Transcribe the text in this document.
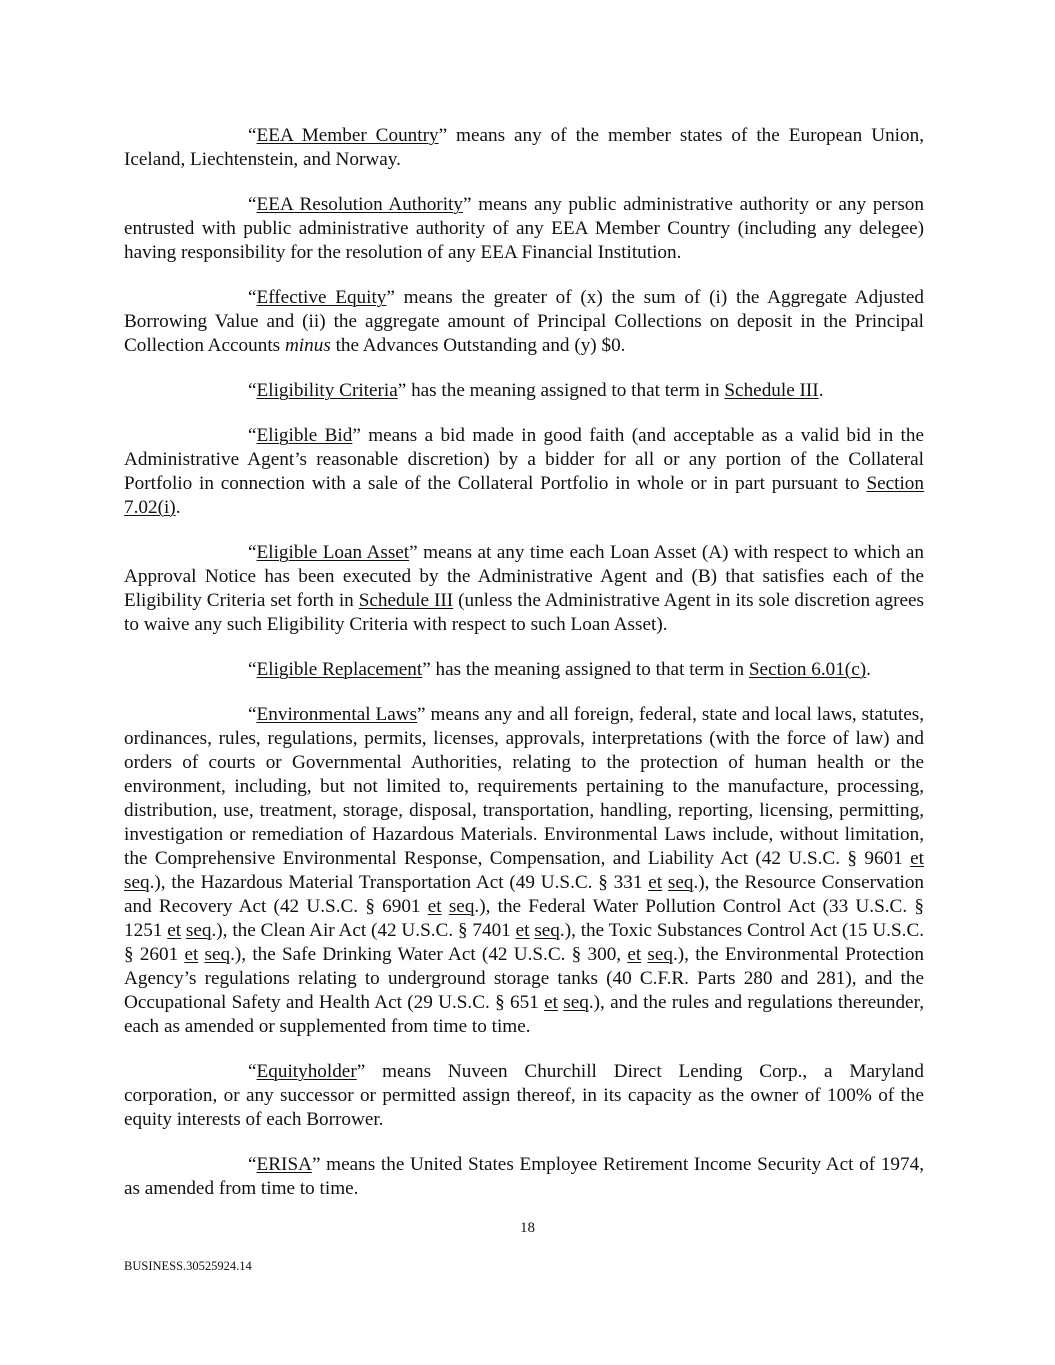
“EEA Member Country” means any of the member states of the European Union, Iceland, Liechtenstein, and Norway.

“EEA Resolution Authority” means any public administrative authority or any person entrusted with public administrative authority of any EEA Member Country (including any delegee) having responsibility for the resolution of any EEA Financial Institution.

“Effective Equity” means the greater of (x) the sum of (i) the Aggregate Adjusted Borrowing Value and (ii) the aggregate amount of Principal Collections on deposit in the Principal Collection Accounts minus the Advances Outstanding and (y) $0.

“Eligibility Criteria” has the meaning assigned to that term in Schedule III.

“Eligible Bid” means a bid made in good faith (and acceptable as a valid bid in the Administrative Agent’s reasonable discretion) by a bidder for all or any portion of the Collateral Portfolio in connection with a sale of the Collateral Portfolio in whole or in part pursuant to Section 7.02(i).

“Eligible Loan Asset” means at any time each Loan Asset (A) with respect to which an Approval Notice has been executed by the Administrative Agent and (B) that satisfies each of the Eligibility Criteria set forth in Schedule III (unless the Administrative Agent in its sole discretion agrees to waive any such Eligibility Criteria with respect to such Loan Asset).

“Eligible Replacement” has the meaning assigned to that term in Section 6.01(c).

“Environmental Laws” means any and all foreign, federal, state and local laws, statutes, ordinances, rules, regulations, permits, licenses, approvals, interpretations (with the force of law) and orders of courts or Governmental Authorities, relating to the protection of human health or the environment, including, but not limited to, requirements pertaining to the manufacture, processing, distribution, use, treatment, storage, disposal, transportation, handling, reporting, licensing, permitting, investigation or remediation of Hazardous Materials. Environmental Laws include, without limitation, the Comprehensive Environmental Response, Compensation, and Liability Act (42 U.S.C. § 9601 et seq.), the Hazardous Material Transportation Act (49 U.S.C. § 331 et seq.), the Resource Conservation and Recovery Act (42 U.S.C. § 6901 et seq.), the Federal Water Pollution Control Act (33 U.S.C. § 1251 et seq.), the Clean Air Act (42 U.S.C. § 7401 et seq.), the Toxic Substances Control Act (15 U.S.C. § 2601 et seq.), the Safe Drinking Water Act (42 U.S.C. § 300, et seq.), the Environmental Protection Agency’s regulations relating to underground storage tanks (40 C.F.R. Parts 280 and 281), and the Occupational Safety and Health Act (29 U.S.C. § 651 et seq.), and the rules and regulations thereunder, each as amended or supplemented from time to time.

“Equityholder” means Nuveen Churchill Direct Lending Corp., a Maryland corporation, or any successor or permitted assign thereof, in its capacity as the owner of 100% of the equity interests of each Borrower.

“ERISA” means the United States Employee Retirement Income Security Act of 1974, as amended from time to time.

18
BUSINESS.30525924.14
